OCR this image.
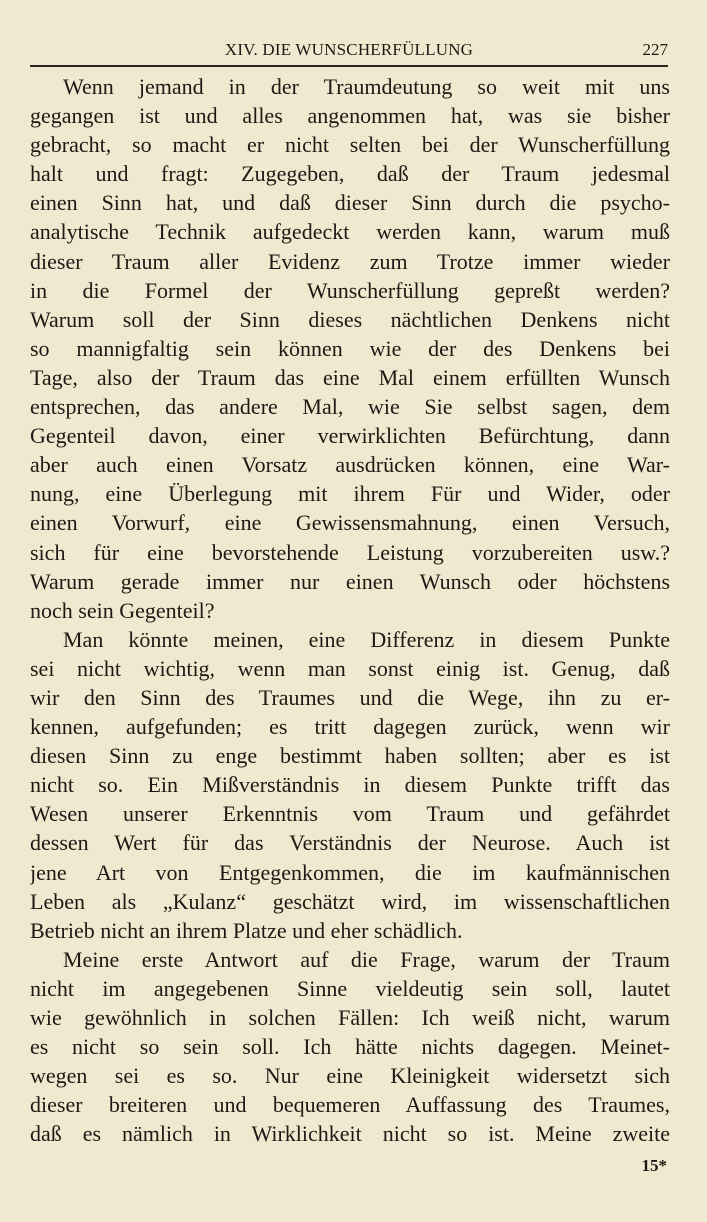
XIV. DIE WUNSCHERFÜLLUNG	227
Wenn jemand in der Traumdeutung so weit mit uns
gegangen ist und alles angenommen hat, was sie bisher
gebracht, so macht er nicht selten bei der Wunscherfüllung
halt und fragt: Zugegeben, daß der Traum jedesmal
einen Sinn hat, und daß dieser Sinn durch die psycho-
analytische Technik aufgedeckt werden kann, warum muß
dieser Traum aller Evidenz zum Trotze immer wieder
in die Formel der Wunscherfüllung gepreßt werden?
Warum soll der Sinn dieses nächtlichen Denkens nicht
so mannigfaltig sein können wie der des Denkens bei
Tage, also der Traum das eine Mal einem erfüllten Wunsch
entsprechen, das andere Mal, wie Sie selbst sagen, dem
Gegenteil davon, einer verwirklichten Befürchtung, dann
aber auch einen Vorsatz ausdrücken können, eine War-
nung, eine Überlegung mit ihrem Für und Wider, oder
einen Vorwurf, eine Gewissensmahnung, einen Versuch,
sich für eine bevorstehende Leistung vorzubereiten usw.?
Warum gerade immer nur einen Wunsch oder höchstens
noch sein Gegenteil?
Man könnte meinen, eine Differenz in diesem Punkte
sei nicht wichtig, wenn man sonst einig ist. Genug, daß
wir den Sinn des Traumes und die Wege, ihn zu er-
kennen, aufgefunden; es tritt dagegen zurück, wenn wir
diesen Sinn zu enge bestimmt haben sollten; aber es ist
nicht so. Ein Mißverständnis in diesem Punkte trifft das
Wesen unserer Erkenntnis vom Traum und gefährdet
dessen Wert für das Verständnis der Neurose. Auch ist
jene Art von Entgegenkommen, die im kaufmännischen
Leben als „Kulanz“ geschätzt wird, im wissenschaftlichen
Betrieb nicht an ihrem Platze und eher schädlich.
Meine erste Antwort auf die Frage, warum der Traum
nicht im angegebenen Sinne vieldeutig sein soll, lautet
wie gewöhnlich in solchen Fällen: Ich weiß nicht, warum
es nicht so sein soll. Ich hätte nichts dagegen. Meinet-
wegen sei es so. Nur eine Kleinigkeit widersetzt sich
dieser breiteren und bequemeren Auffassung des Traumes,
daß es nämlich in Wirklichkeit nicht so ist. Meine zweite
15*
